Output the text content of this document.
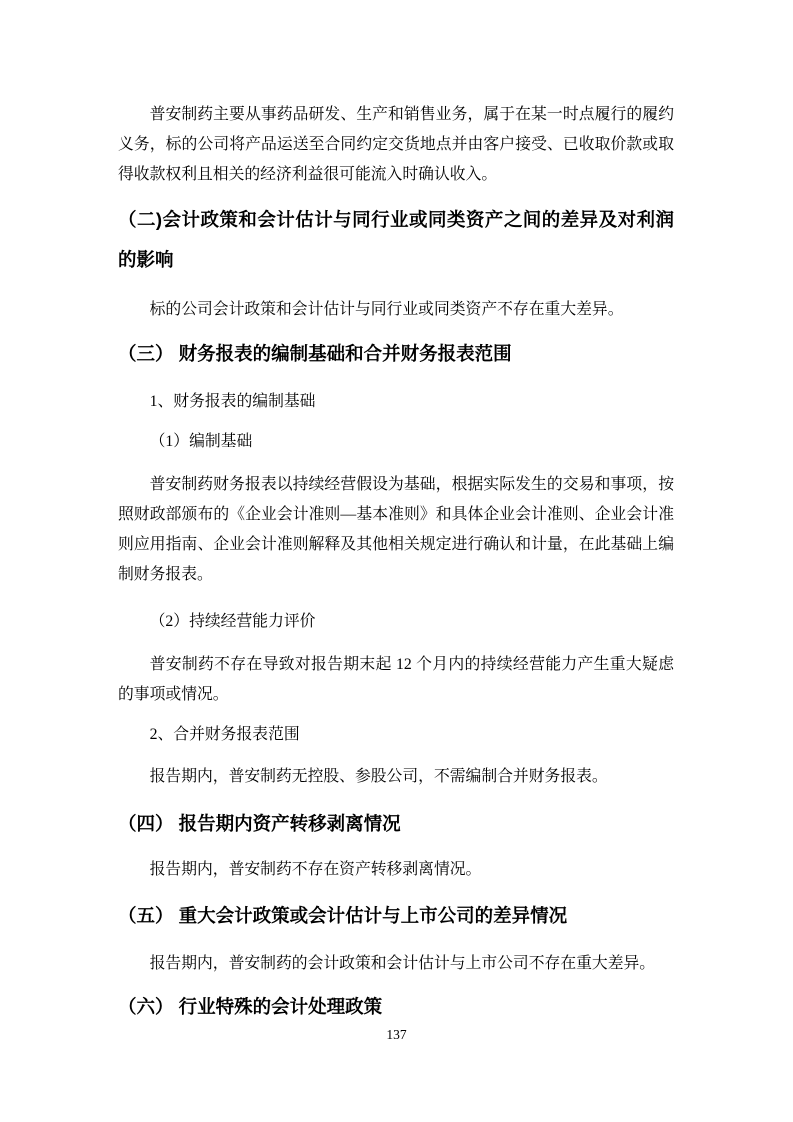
普安制药主要从事药品研发、生产和销售业务，属于在某一时点履行的履约义务，标的公司将产品运送至合同约定交货地点并由客户接受、已收取价款或取得收款权利且相关的经济利益很可能流入时确认收入。
（二)会计政策和会计估计与同行业或同类资产之间的差异及对利润的影响
标的公司会计政策和会计估计与同行业或同类资产不存在重大差异。
（三） 财务报表的编制基础和合并财务报表范围
1、财务报表的编制基础
（1）编制基础
普安制药财务报表以持续经营假设为基础，根据实际发生的交易和事项，按照财政部颁布的《企业会计准则—基本准则》和具体企业会计准则、企业会计准则应用指南、企业会计准则解释及其他相关规定进行确认和计量，在此基础上编制财务报表。
（2）持续经营能力评价
普安制药不存在导致对报告期末起 12 个月内的持续经营能力产生重大疑虑的事项或情况。
2、合并财务报表范围
报告期内，普安制药无控股、参股公司，不需编制合并财务报表。
（四） 报告期内资产转移剥离情况
报告期内，普安制药不存在资产转移剥离情况。
（五） 重大会计政策或会计估计与上市公司的差异情况
报告期内，普安制药的会计政策和会计估计与上市公司不存在重大差异。
（六） 行业特殊的会计处理政策
137
